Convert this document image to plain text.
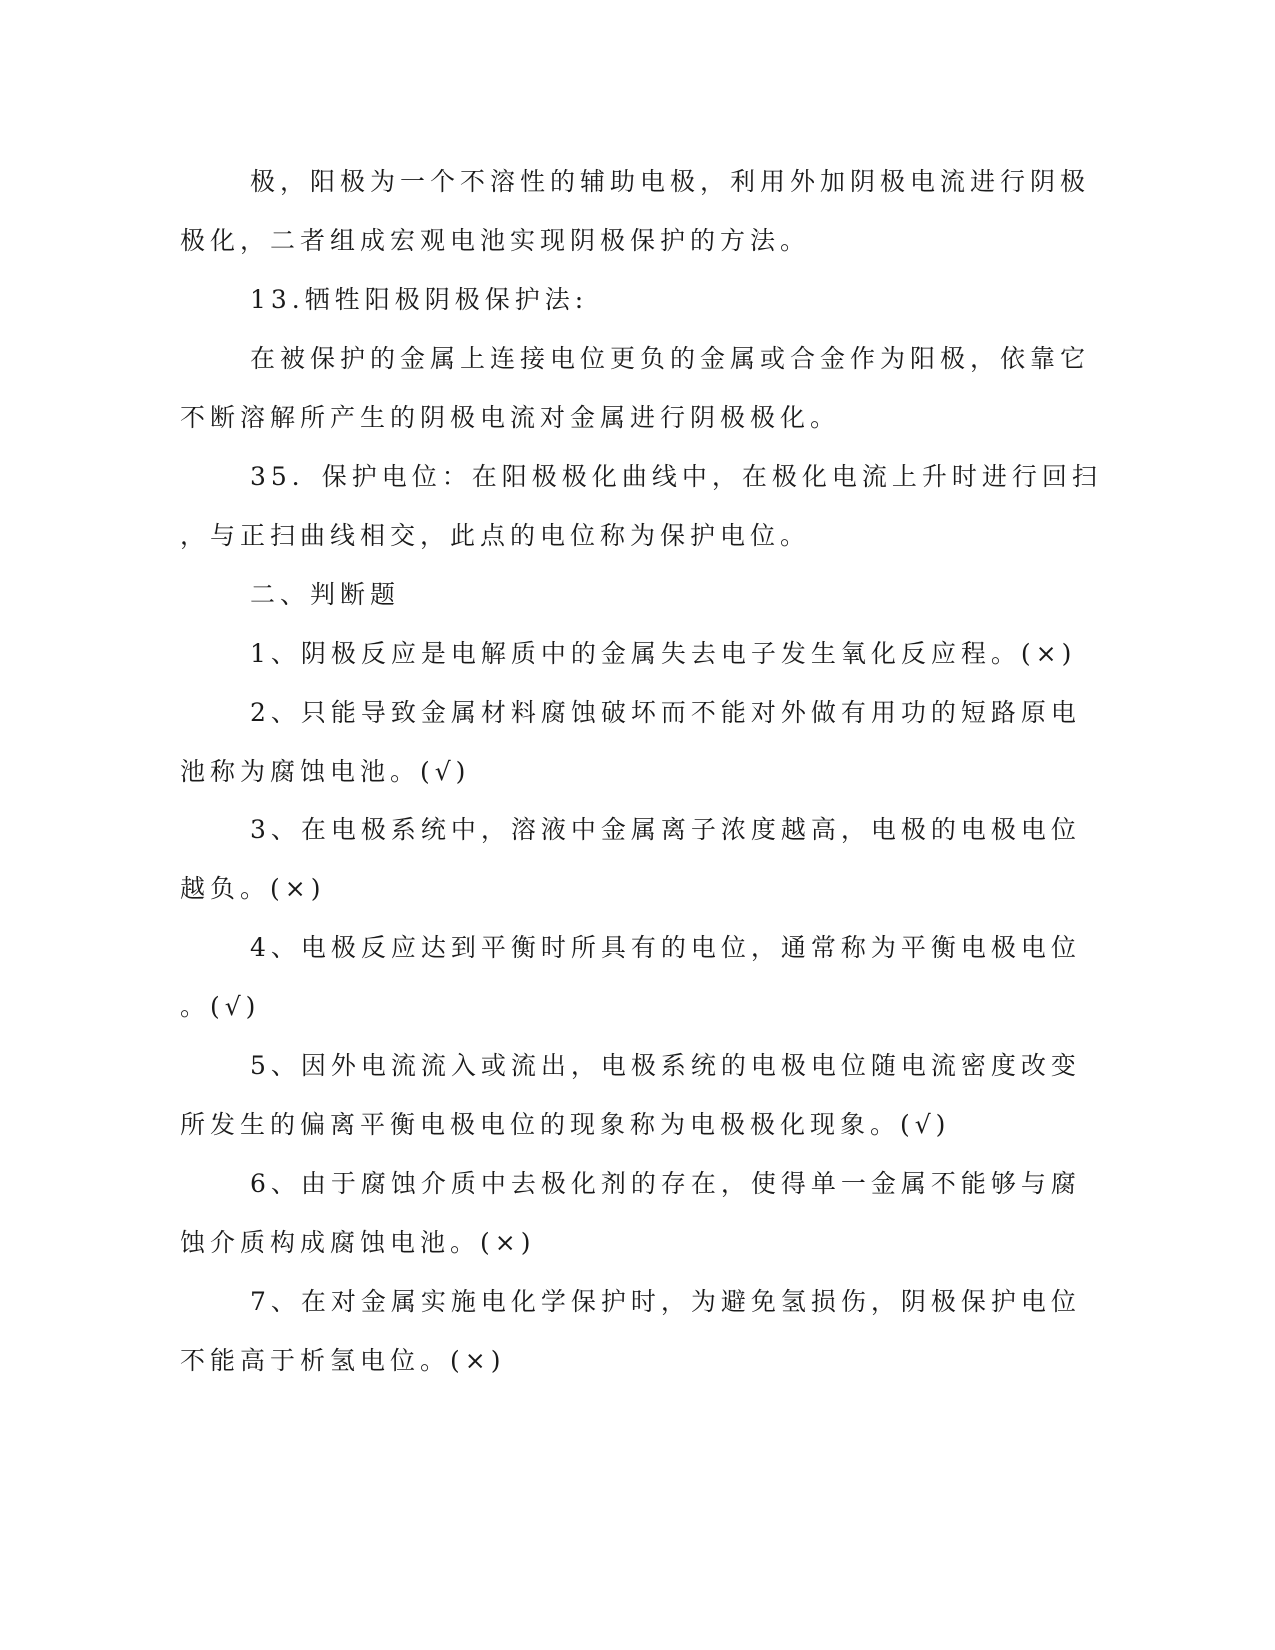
极，阳极为一个不溶性的辅助电极，利用外加阴极电流进行阴极
极化，二者组成宏观电池实现阴极保护的方法。
13.牺牲阳极阴极保护法:
在被保护的金属上连接电位更负的金属或合金作为阳极，依靠它
不断溶解所产生的阴极电流对金属进行阴极极化。
35．保护电位：在阳极极化曲线中，在极化电流上升时进行回扫
，与正扫曲线相交，此点的电位称为保护电位。
二、判断题
1、阴极反应是电解质中的金属失去电子发生氧化反应程。(×)
2、只能导致金属材料腐蚀破坏而不能对外做有用功的短路原电
池称为腐蚀电池。(√)
3、在电极系统中，溶液中金属离子浓度越高，电极的电极电位
越负。(×)
4、电极反应达到平衡时所具有的电位，通常称为平衡电极电位
。(√)
5、因外电流流入或流出，电极系统的电极电位随电流密度改变
所发生的偏离平衡电极电位的现象称为电极极化现象。(√)
6、由于腐蚀介质中去极化剂的存在，使得单一金属不能够与腐
蚀介质构成腐蚀电池。(×)
7、在对金属实施电化学保护时，为避免氢损伤，阴极保护电位
不能高于析氢电位。(×)
